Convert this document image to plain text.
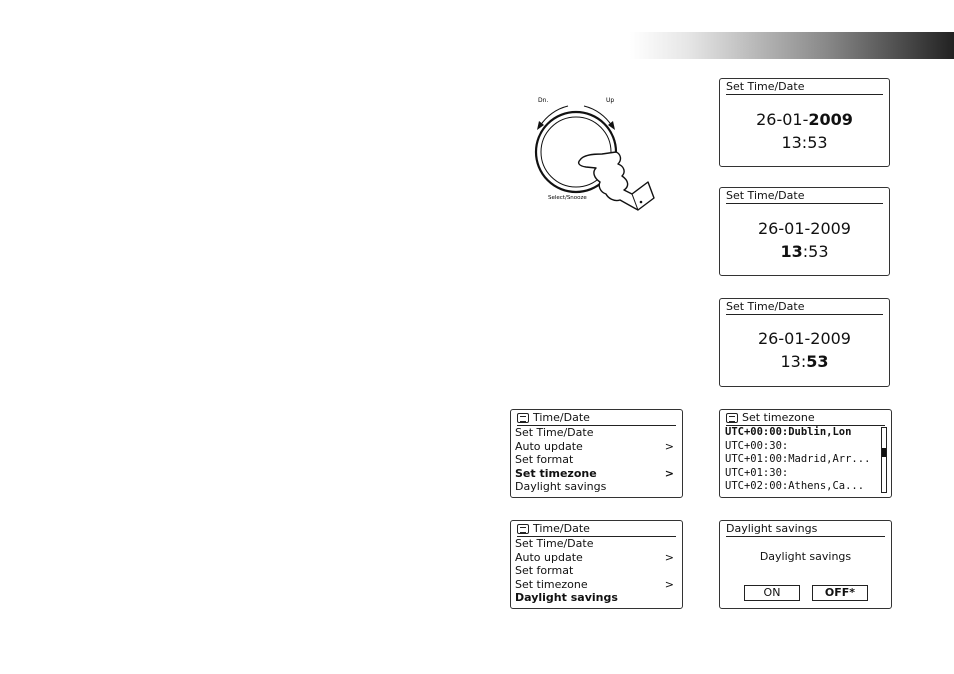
Dn.	Up
Select/Snooze
Set Time/Date
26-01-2009
13:53
Set Time/Date
26-01-2009
13:53
Set Time/Date
26-01-2009
13:53
Time/Date
Set Time/Date
Auto update	>
Set format
Set timezone	>
Daylight savings
Set timezone
UTC+00:00:Dublin,Lon
UTC+00:30:
UTC+01:00:Madrid,Arr...
UTC+01:30:
UTC+02:00:Athens,Ca...
Time/Date
Set Time/Date
Auto update	>
Set format
Set timezone	>
Daylight savings
Daylight savings
Daylight savings
ON	OFF*
